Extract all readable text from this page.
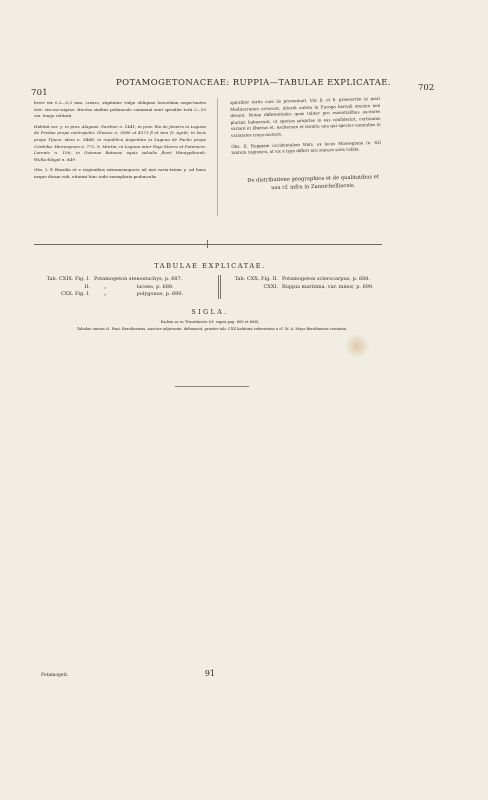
701
POTAMOGETONACEAE: RUPPIA—TABULAE EXPLICATAE.	702

brevi vix 0,2—0,3 mm. crasso, stipitatae vulgo obliquae loricelium sequi-tantes ster. viscoso-nigrae, fructus sinibus pedunculo communi sunt spiralite torti 2—10 cm. longo solitarii.

Habitat var. γ. in prov. Alagoas: Gardner n. 1441; in prov. Rio de Janeiro in Laguna de Freitas prope metropolin: Glaziou n. 3080 et 4373 β et tam fr. Agrili; in locis prope Tijuca: idem n. 6448; in republica Argentina in Laguna de Pacho prope Córdoba: Hieronymus n. 772, S. Martin; in Laguna inter Payo Munro et Putamers: Lorentz n. 106; in Guianae Batavae aquis salsulis fluvii Waraypikreek: Wullschlägel n. 849.

Obs. I. E Brasilia et e regionibus extramenopocis nil nisi varia-tatem γ. ad hanc neque dicam vidi, ettamsi hinc inde exemplaria pedunculis

spiraliter tortis cum iis proveniunt. Var. β. et δ. praesertim in mari Mediterraneo crescunt, ulteriit autem in Europa boreali omnino non desunt. Notae differentiales quas taliter pro essentialibus auctores plurimi habuerunt, ut species propriae in eas confiderint, certissime variant et liberius et. Ascherson et monitu una qui species nonnullas in variatates trans-mutavit.

Obs. II. Ruppiam occidentalem Wats. ex locus Moosegiana (n. 62) tantum cognosco, at vix a typo differt nisi statura satis valida.

De distributione geographica et de qualitatibus et usu cf. infra in Zannichelliaceis.
TABULAE EXPLICATAE.
Tab. CXIX. Fig. I. Potamogeton stenostachys, p. 687.
II.	„	lucens, p. 688.
CXX. Fig. I.	„	polygonus, p. 690.
Tab. CXX. Fig. II. Potamogeton sclerocarpus, p. 688.
CXXI. Ruppia maritima, var. minor, p. 699.
SIGLA.
Eadem ac in Triuridaceis (cf. supra pag. 665 et 666).
Tabulae omnes cl. Poni. Berolinensis, auctore adjuvante, delineavit, praeter tab. CXX habitum referentem a cl. W. A. Mayr Berolinense ceuatum.
Potamogeti.	91
